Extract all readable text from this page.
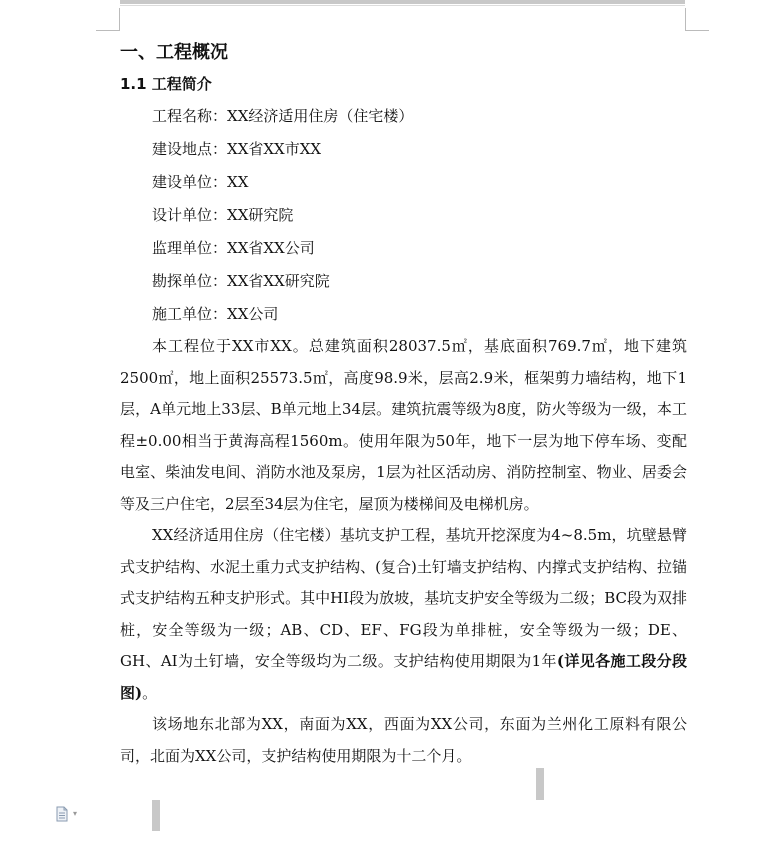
一、工程概况
1.1 工程简介
工程名称：XX经济适用住房（住宅楼）
建设地点：XX省XX市XX
建设单位：XX
设计单位：XX研究院
监理单位：XX省XX公司
勘探单位：XX省XX研究院
施工单位：XX公司

本工程位于XX市XX。总建筑面积28037.5㎡，基底面积769.7㎡，地下建筑2500㎡，地上面积25573.5㎡，高度98.9米，层高2.9米，框架剪力墙结构，地下1层，A单元地上33层、B单元地上34层。建筑抗震等级为8度，防火等级为一级，本工程±0.00相当于黄海高程1560m。使用年限为50年，地下一层为地下停车场、变配电室、柴油发电间、消防水池及泵房，1层为社区活动房、消防控制室、物业、居委会等及三户住宅，2层至34层为住宅，屋顶为楼梯间及电梯机房。

XX经济适用住房（住宅楼）基坑支护工程，基坑开挖深度为4~8.5m，坑壁悬臂式支护结构、水泥土重力式支护结构、(复合)土钉墙支护结构、内撑式支护结构、拉锚式支护结构五种支护形式。其中HI段为放坡，基坑支护安全等级为二级；BC段为双排桩，安全等级为一级；AB、CD、EF、FG段为单排桩，安全等级为一级；DE、GH、AI为土钉墙，安全等级均为二级。支护结构使用期限为1年(详见各施工段分段图)。

该场地东北部为XX，南面为XX，西面为XX公司，东面为兰州化工原料有限公司，北面为XX公司，支护结构使用期限为十二个月。

▾
